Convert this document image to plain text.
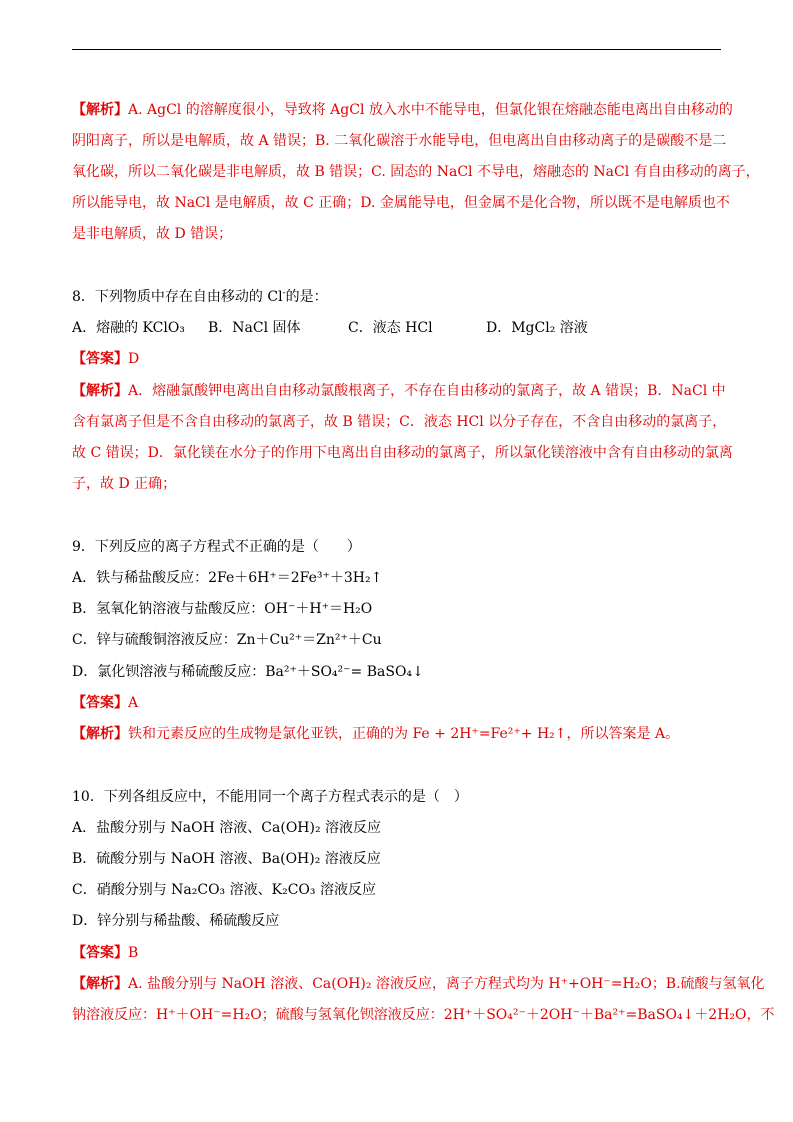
【解析】A. AgCl 的溶解度很小，导致将 AgCl 放入水中不能导电，但氯化银在熔融态能电离出自由移动的
阴阳离子，所以是电解质，故 A 错误；B. 二氧化碳溶于水能导电，但电离出自由移动离子的是碳酸不是二
氧化碳，所以二氧化碳是非电解质，故 B 错误；C. 固态的 NaCl 不导电，熔融态的 NaCl 有自由移动的离子，
所以能导电，故 NaCl 是电解质，故 C 正确；D. 金属能导电，但金属不是化合物，所以既不是电解质也不
是非电解质，故 D 错误；
8．下列物质中存在自由移动的 Cl-的是：
A．熔融的 KClO₃ B．NaCl 固体	C．液态 HCl	D．MgCl₂ 溶液
【答案】D
【解析】A．熔融氯酸钾电离出自由移动氯酸根离子，不存在自由移动的氯离子，故 A 错误；B．NaCl 中
含有氯离子但是不含自由移动的氯离子，故 B 错误；C．液态 HCl 以分子存在，不含自由移动的氯离子，
故 C 错误；D．氯化镁在水分子的作用下电离出自由移动的氯离子，所以氯化镁溶液中含有自由移动的氯离
子，故 D 正确；
9．下列反应的离子方程式不正确的是（　　）
A．铁与稀盐酸反应：2Fe＋6H⁺＝2Fe³⁺＋3H₂↑
B．氢氧化钠溶液与盐酸反应：OH⁻＋H⁺＝H₂O
C．锌与硫酸铜溶液反应：Zn＋Cu²⁺＝Zn²⁺＋Cu
D．氯化钡溶液与稀硫酸反应：Ba²⁺＋SO₄²⁻= BaSO₄↓
【答案】A
【解析】铁和元素反应的生成物是氯化亚铁，正确的为 Fe + 2H⁺=Fe²⁺+ H₂↑，所以答案是 A。
10．下列各组反应中，不能用同一个离子方程式表示的是（　）
A．盐酸分别与 NaOH 溶液、Ca(OH)₂ 溶液反应
B．硫酸分别与 NaOH 溶液、Ba(OH)₂ 溶液反应
C．硝酸分别与 Na₂CO₃ 溶液、K₂CO₃ 溶液反应
D．锌分别与稀盐酸、稀硫酸反应
【答案】B
【解析】A. 盐酸分别与 NaOH 溶液、Ca(OH)₂ 溶液反应，离子方程式均为 H⁺+OH⁻=H₂O；B.硫酸与氢氧化
钠溶液反应：H⁺＋OH⁻=H₂O；硫酸与氢氧化钡溶液反应：2H⁺＋SO₄²⁻＋2OH⁻＋Ba²⁺=BaSO₄↓＋2H₂O，不
